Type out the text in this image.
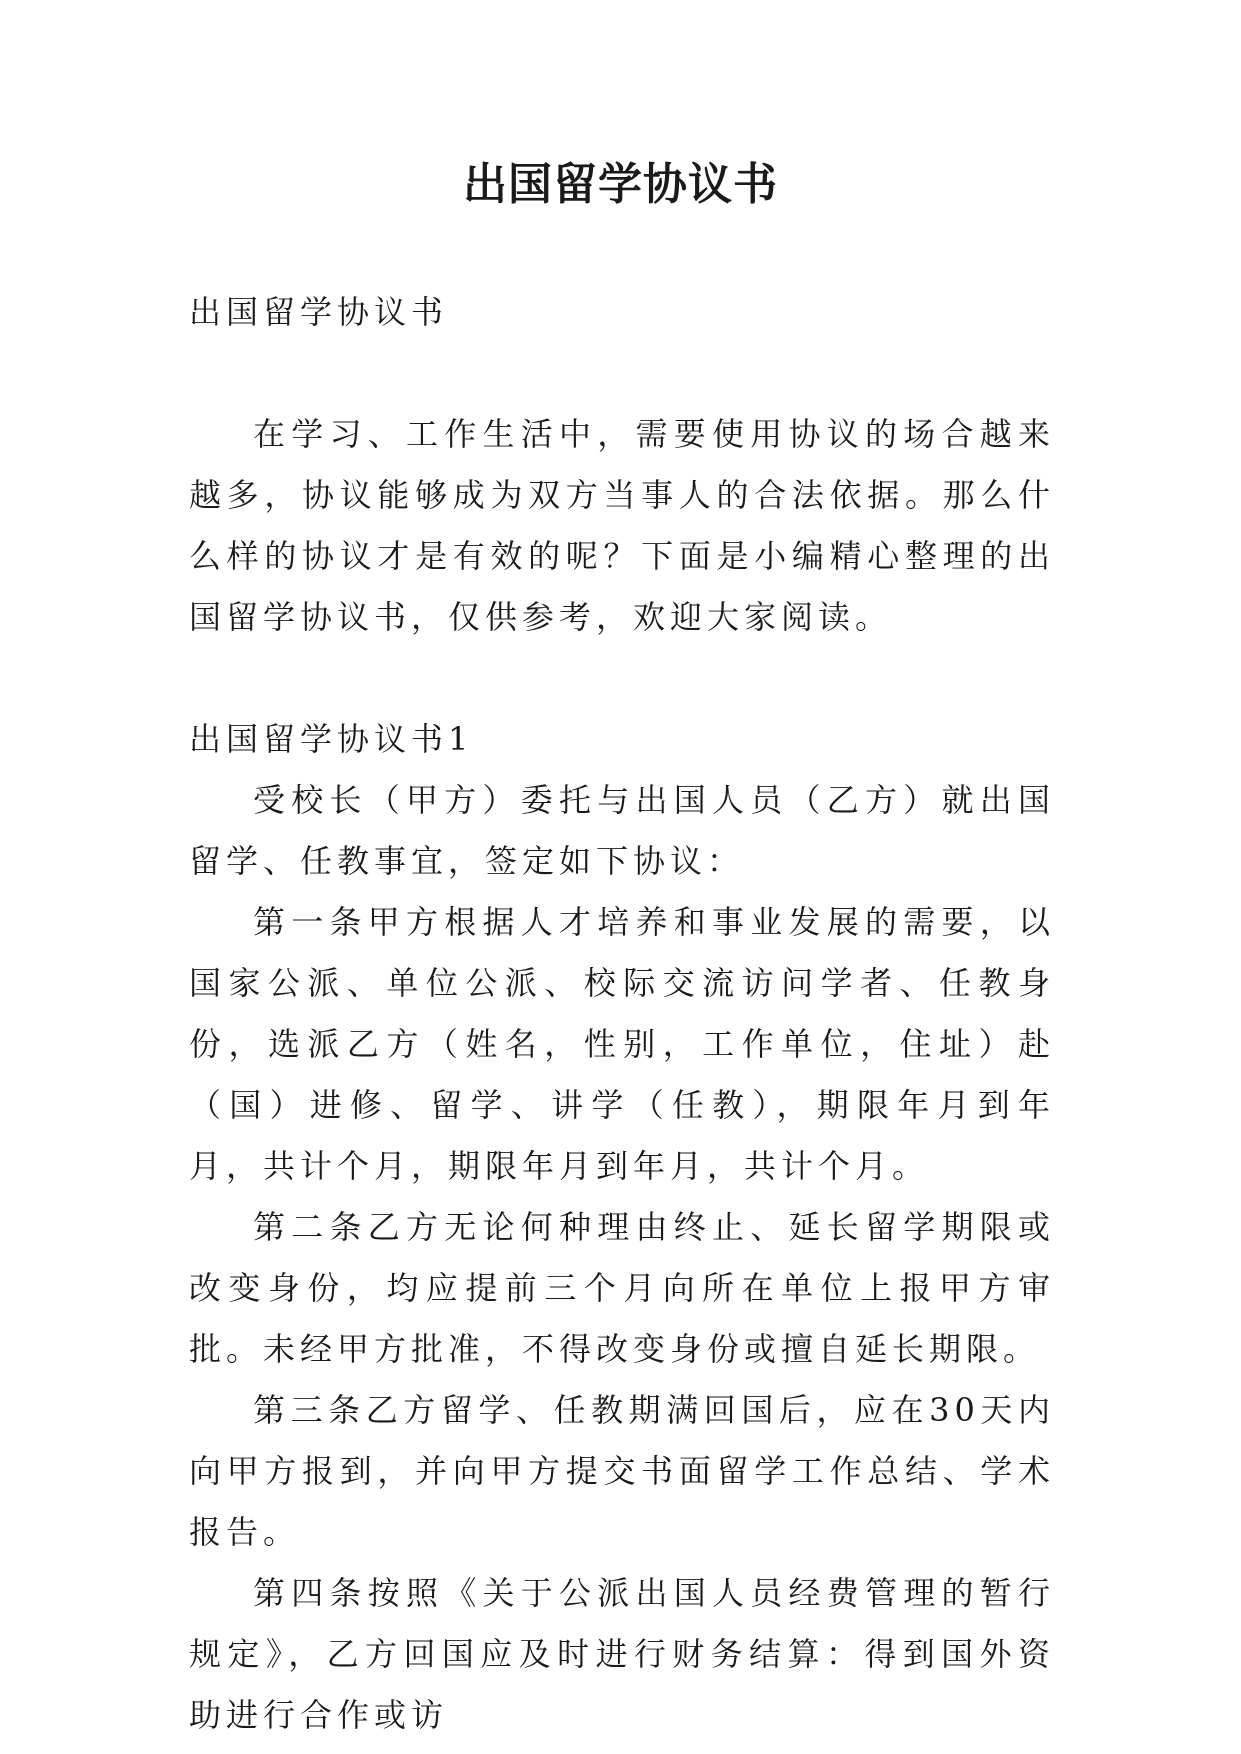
出国留学协议书

出国留学协议书

在学习、工作生活中，需要使用协议的场合越来越多，协议能够成为双方当事人的合法依据。那么什么样的协议才是有效的呢？下面是小编精心整理的出国留学协议书，仅供参考，欢迎大家阅读。

出国留学协议书1

受校长（甲方）委托与出国人员（乙方）就出国留学、任教事宜，签定如下协议：

第一条甲方根据人才培养和事业发展的需要，以国家公派、单位公派、校际交流访问学者、任教身份，选派乙方（姓名，性别，工作单位，住址）赴（国）进修、留学、讲学（任教），期限年月到年月，共计个月，期限年月到年月，共计个月。

第二条乙方无论何种理由终止、延长留学期限或改变身份，均应提前三个月向所在单位上报甲方审批。未经甲方批准，不得改变身份或擅自延长期限。

第三条乙方留学、任教期满回国后，应在30天内向甲方报到，并向甲方提交书面留学工作总结、学术报告。

第四条按照《关于公派出国人员经费管理的暂行规定》，乙方回国应及时进行财务结算：得到国外资助进行合作或访
